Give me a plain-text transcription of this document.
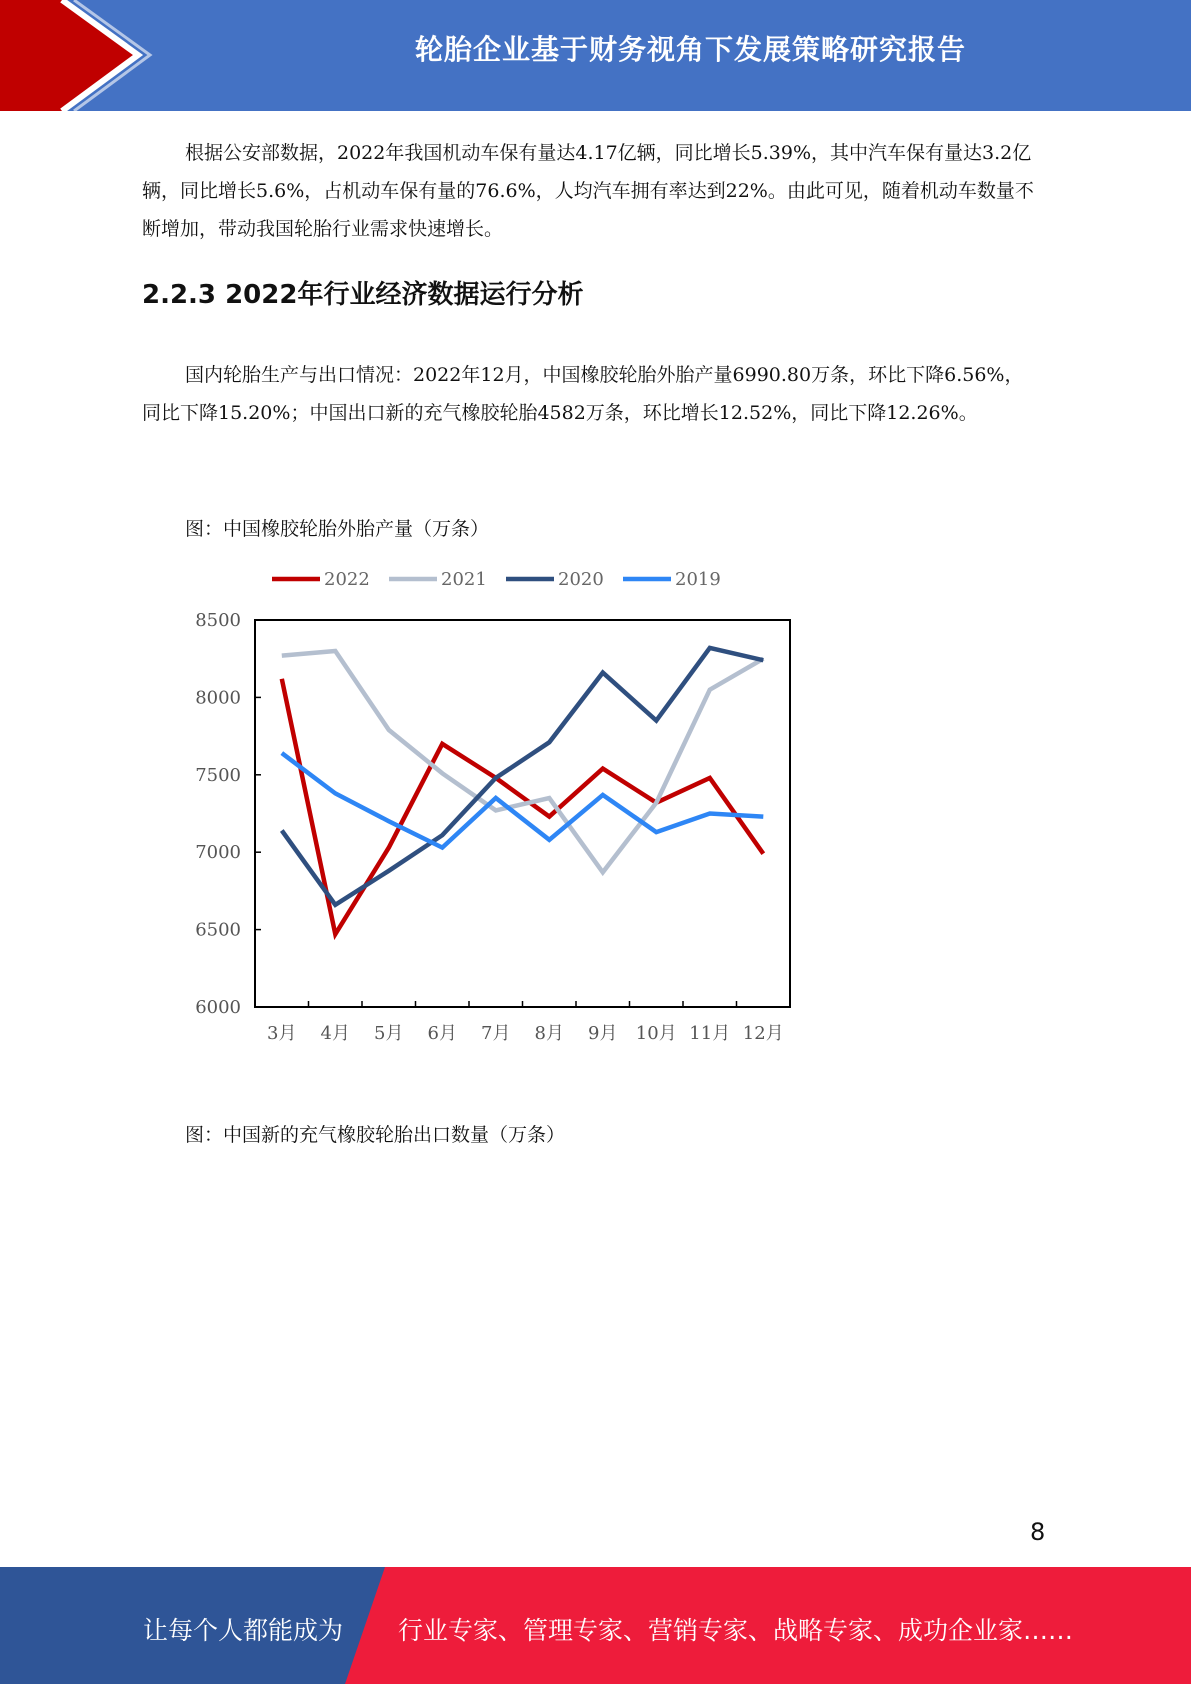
轮胎企业基于财务视角下发展策略研究报告

根据公安部数据，2022年我国机动车保有量达4.17亿辆，同比增长5.39%，其中汽车保有量达3.2亿辆，同比增长5.6%，占机动车保有量的76.6%，人均汽车拥有率达到22%。由此可见，随着机动车数量不断增加，带动我国轮胎行业需求快速增长。

2.2.3 2022年行业经济数据运行分析

国内轮胎生产与出口情况：2022年12月，中国橡胶轮胎外胎产量6990.80万条，环比下降6.56%，同比下降15.20%；中国出口新的充气橡胶轮胎4582万条，环比增长12.52%，同比下降12.26%。

图：中国橡胶轮胎外胎产量（万条）

2022	2021	2020	2019
6000
6500
7000
7500
8000
8500
3月 4月 5月 6月 7月 8月 9月 10月 11月 12月

图：中国新的充气橡胶轮胎出口数量（万条）

8
让每个人都能成为 行业专家、管理专家、营销专家、战略专家、成功企业家……
